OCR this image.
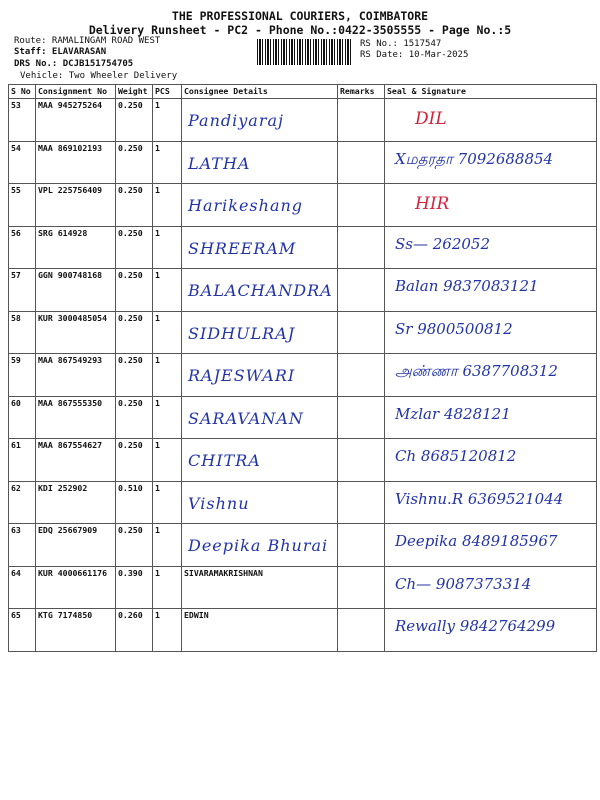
THE PROFESSIONAL COURIERS, COIMBATORE
Delivery Runsheet - PC2 - Phone No.:0422-3505555 - Page No.:5
Route: RAMALINGAM ROAD WEST
Staff: ELAVARASAN
DRS No.: DCJB151754705
Vehicle: Two Wheeler Delivery
RS No.: 1517547
RS Date: 10-Mar-2025
S No	Consignment No	Weight	PCS	Consignee Details	Remarks	Seal & Signature
53	MAA 945275264	0.250	1	Pandiyaraj		DIL

54	MAA 869102193	0.250	1	LATHA		Xமதரதா 7092688854

55	VPL 225756409	0.250	1	Harikeshang		HIR

56	SRG 614928	0.250	1	SHREERAM		Ss— 262052

57	GGN 900748168	0.250	1	BALACHANDRA		Balan 9837083121

58	KUR 3000485054	0.250	1	SIDHULRAJ		Sr 9800500812

59	MAA 867549293	0.250	1	RAJESWARI		அண்ணா 6387708312

60	MAA 867555350	0.250	1	SARAVANAN		Mzlar 4828121

61	MAA 867554627	0.250	1	CHITRA		Ch 8685120812

62	KDI 252902	0.510	1	Vishnu		Vishnu.R 6369521044

63	EDQ 25667909	0.250	1	Deepika Bhurai		Deepika 8489185967

64	KUR 4000661176	0.390	1	SIVARAMAKRISHNAN		Ch— 9087373314

65	KTG 7174850	0.260	1	EDWIN		Rewally 9842764299
